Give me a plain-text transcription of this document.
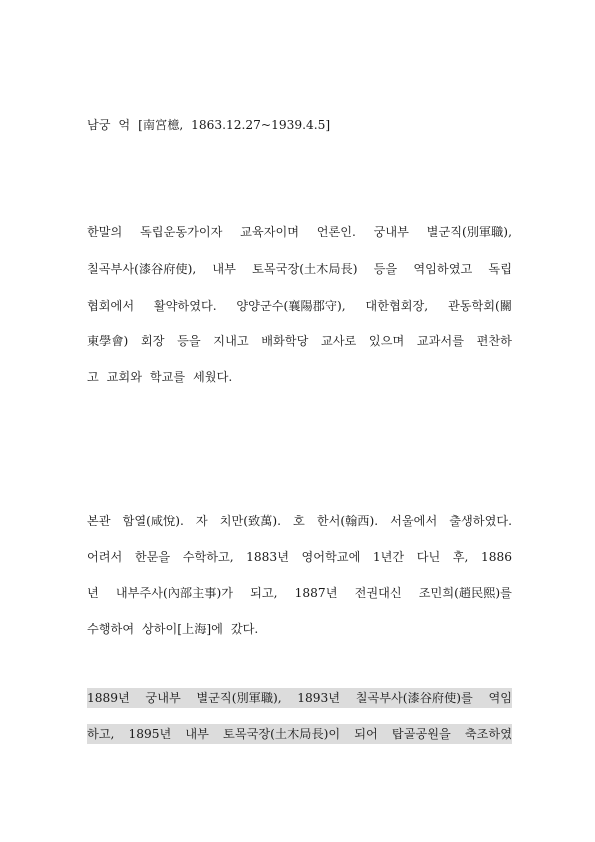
남궁 억 [南宮檍, 1863.12.27~1939.4.5]
한말의 독립운동가이자 교육자이며 언론인. 궁내부 별군직(別軍職),
칠곡부사(漆谷府使), 내부 토목국장(土木局長) 등을 역임하였고 독립
협회에서 활약하였다. 양양군수(襄陽郡守), 대한협회장, 관동학회(關
東學會) 회장 등을 지내고 배화학당 교사로 있으며 교과서를 편찬하
고 교회와 학교를 세웠다.
본관 함열(咸悅). 자 치만(致萬). 호 한서(翰西). 서울에서 출생하였다.
어려서 한문을 수학하고, 1883년 영어학교에 1년간 다닌 후, 1886
년 내부주사(內部主事)가 되고, 1887년 전권대신 조민희(趙民熙)를
수행하여 상하이[上海]에 갔다.
1889년 궁내부 별군직(別軍職), 1893년 칠곡부사(漆谷府使)를 역임
하고, 1895년 내부 토목국장(土木局長)이 되어 탑골공원을 축조하였
